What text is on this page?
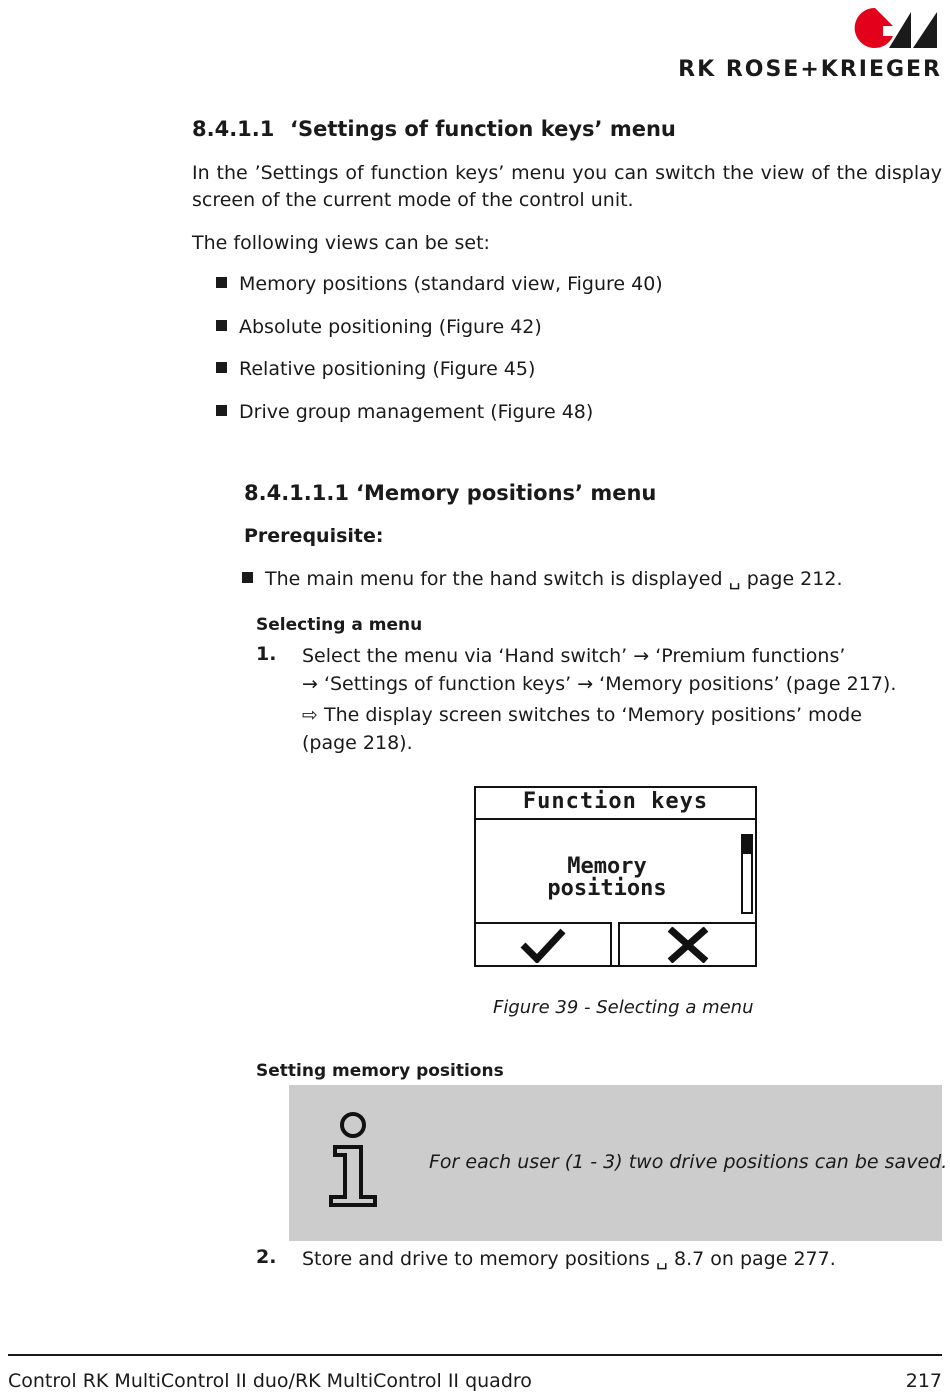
RK ROSE+KRIEGER
8.4.1.1 ‘Settings of function keys’ menu
In the ’Settings of function keys’ menu you can switch the view of the display screen of the current mode of the control unit.
The following views can be set:
Memory positions (standard view, Figure 40)
Absolute positioning (Figure 42)
Relative positioning (Figure 45)
Drive group management (Figure 48)
8.4.1.1.1 ‘Memory positions’ menu
Prerequisite:
The main menu for the hand switch is displayed ␣ page 212.
Selecting a menu
1. Select the menu via ‘Hand switch’ → ‘Premium functions’
→ ‘Settings of function keys’ → ‘Memory positions’ (page 217).
⇨ The display screen switches to ‘Memory positions’ mode
(page 218).
Function keys
Memory
positions
Figure 39 - Selecting a menu
Setting memory positions
For each user (1 - 3) two drive positions can be saved.
2. Store and drive to memory positions ␣ 8.7 on page 277.
Control RK MultiControl II duo/RK MultiControl II quadro	217
